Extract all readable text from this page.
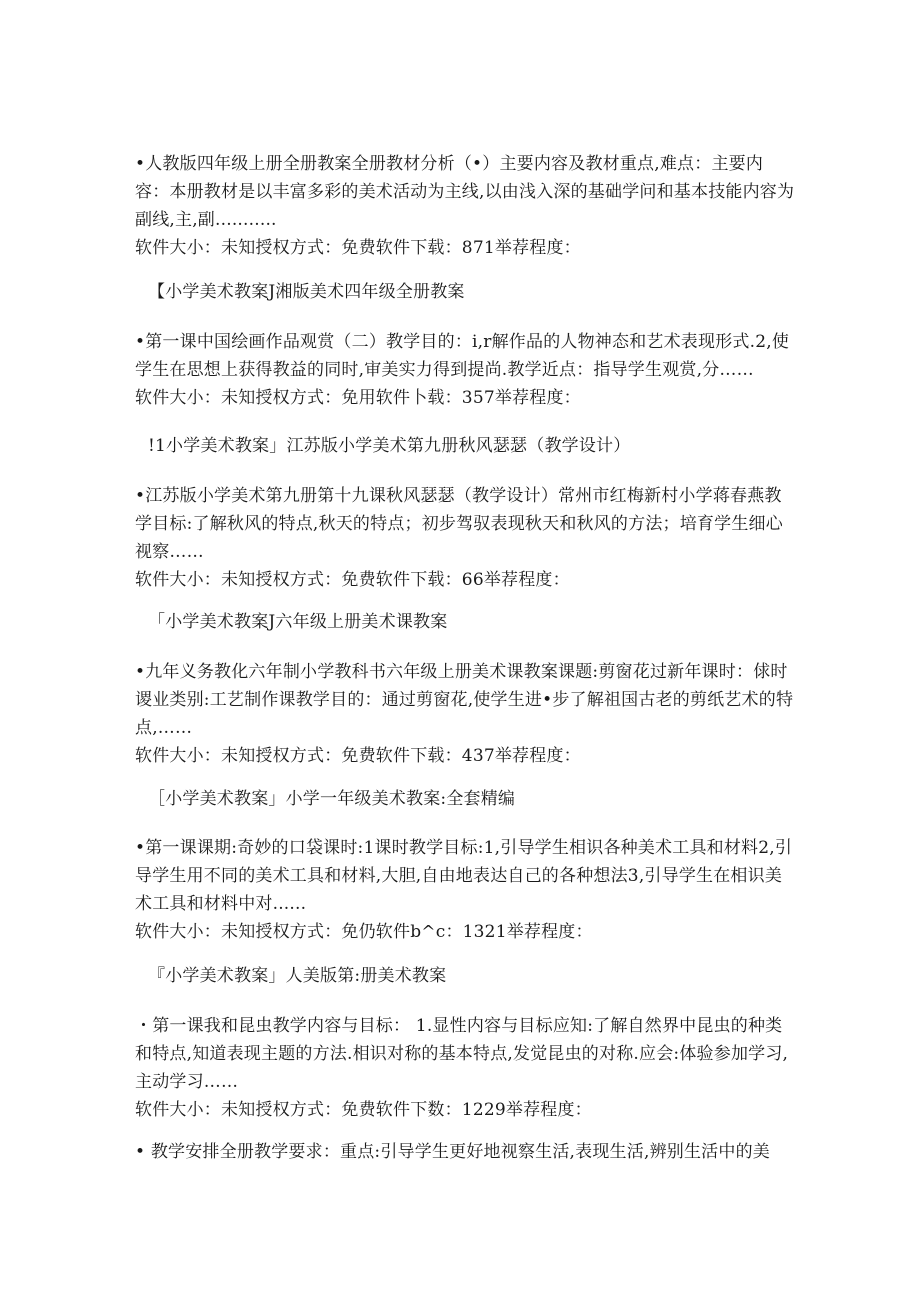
•人教版四年级上册全册教案全册教材分析（•）主要内容及教材重点,难点：主要内容：本册教材是以丰富多彩的美术活动为主线,以由浅入深的基础学问和基本技能内容为副线,主,副...........

软件大小：未知授权方式：免费软件下载：871举荐程度：

【小学美术教案J湘版美术四年级全册教案

•第一课中国绘画作品观赏（二）教学目的：i,r解作品的人物神态和艺术表现形式.2,使学生在思想上获得教益的同时,审美实力得到提尚.教学近点：指导学生观赏,分……

软件大小：未知授权方式：免用软件卜载：357举荐程度：

!1小学美术教案」江苏版小学美术第九册秋风瑟瑟（教学设计）

•江苏版小学美术第九册第十九课秋风瑟瑟（教学设计）常州市红梅新村小学蒋春燕教学目标:了解秋风的特点,秋天的特点；初步驾驭表现秋天和秋风的方法；培育学生细心视察……

软件大小：未知授权方式：免费软件下载：66举荐程度：

「小学美术教案J六年级上册美术课教案

•九年义务教化六年制小学教科书六年级上册美术课教案课题:剪窗花过新年课时：俅时谡业类别:工艺制作课教学目的：通过剪窗花,使学生进•步了解祖国古老的剪纸艺术的特点,……

软件大小：未知授权方式：免费软件下载：437举荐程度：

［小学美术教案」小学一年级美术教案:全套精编

•第一课课期:奇妙的口袋课时:1课时教学目标:1,引导学生相识各种美术工具和材料2,引导学生用不同的美术工具和材料,大胆,自由地表达自己的各种想法3,引导学生在相识美术工具和材料中对......

软件大小：未知授权方式：免仍软件b^c：1321举荐程度：

『小学美术教案」人美版第:册美术教案

・第一课我和昆虫教学内容与目标： 1.显性内容与目标应知:了解自然界中昆虫的种类和特点,知道表现主题的方法.相识对称的基本特点,发觉昆虫的对称.应会:体验参加学习,主动学习……

软件大小：未知授权方式：免费软件下数：1229举荐程度：

• 教学安排全册教学要求：重点:引导学生更好地视察生活,表现生活,辨别生活中的美
